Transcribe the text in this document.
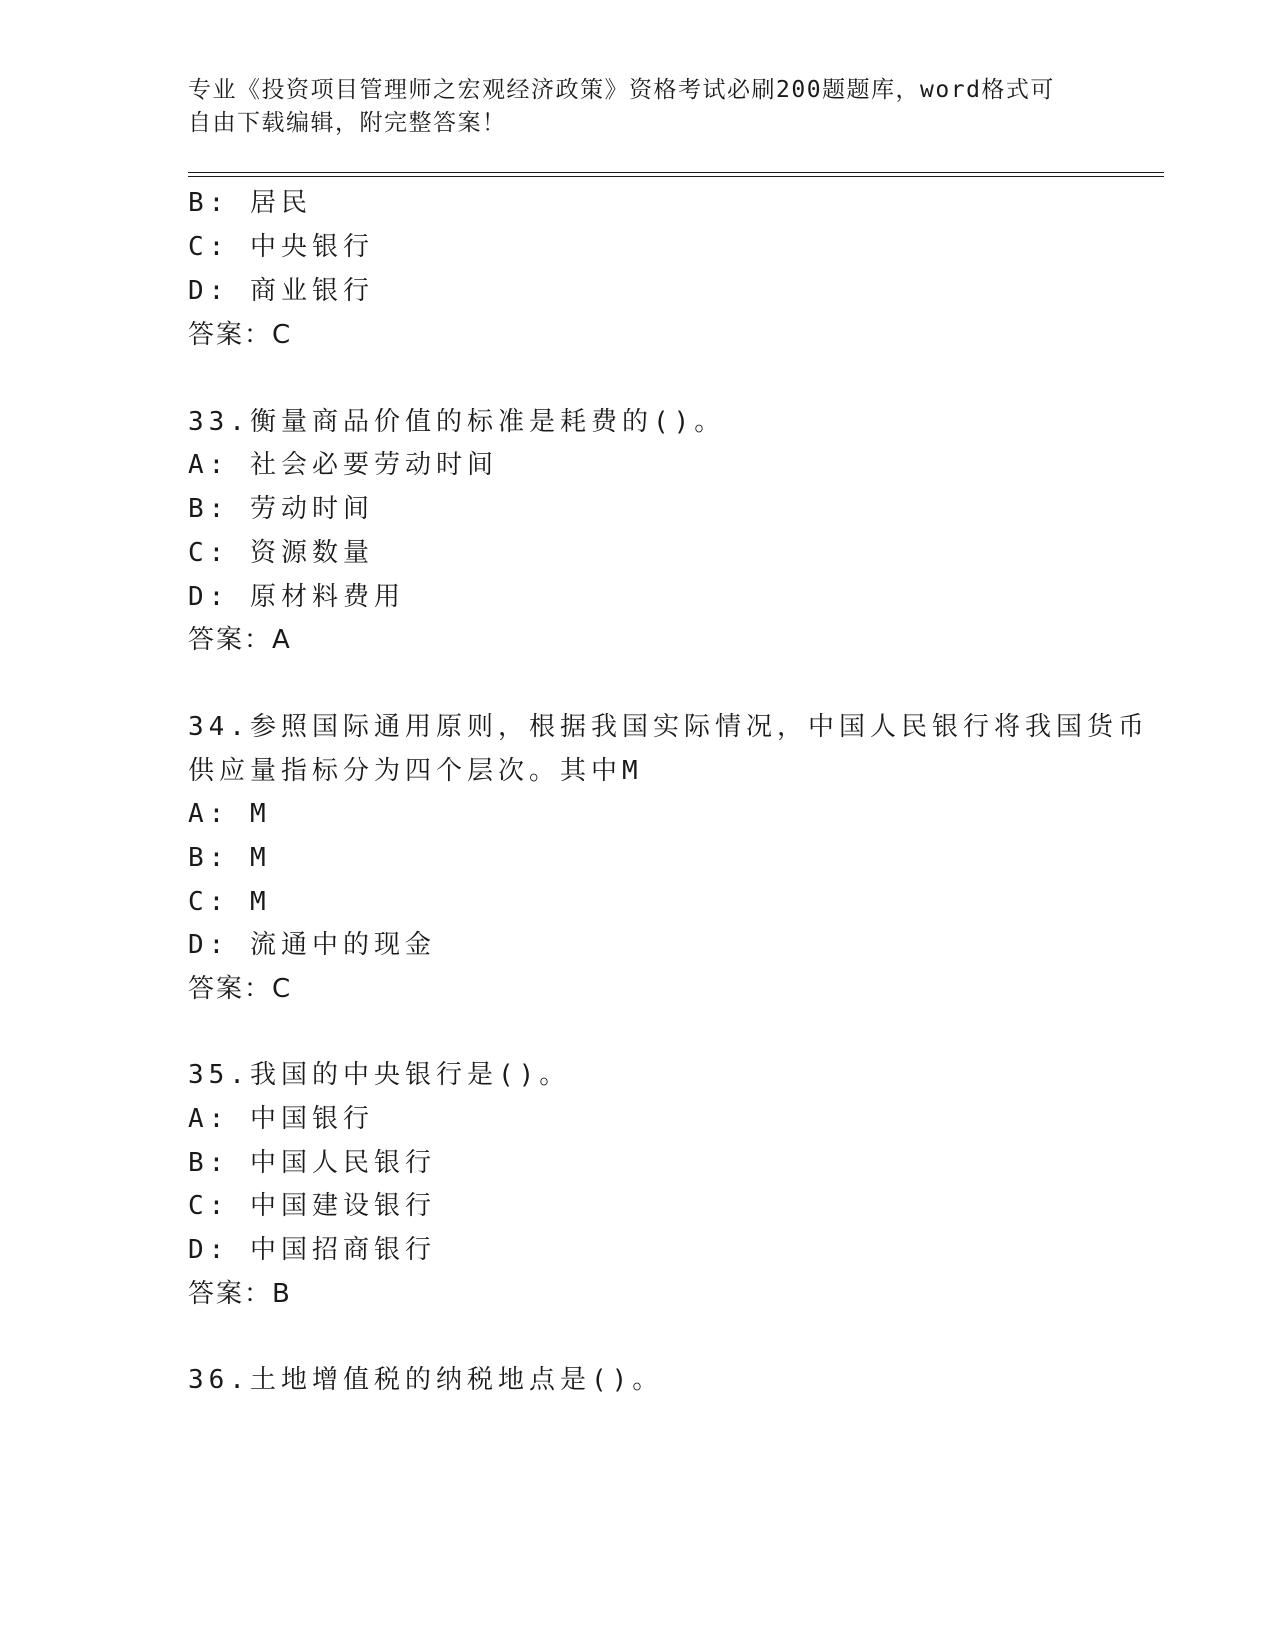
专业《投资项目管理师之宏观经济政策》资格考试必刷200题题库，word格式可
自由下载编辑，附完整答案！
B: 居民
C: 中央银行
D: 商业银行
答案：C
33.衡量商品价值的标准是耗费的()。
A: 社会必要劳动时间
B: 劳动时间
C: 资源数量
D: 原材料费用
答案：A
34.参照国际通用原则，根据我国实际情况，中国人民银行将我国货币
供应量指标分为四个层次。其中M
A: M
B: M
C: M
D: 流通中的现金
答案：C
35.我国的中央银行是()。
A: 中国银行
B: 中国人民银行
C: 中国建设银行
D: 中国招商银行
答案：B
36.土地增值税的纳税地点是()。
